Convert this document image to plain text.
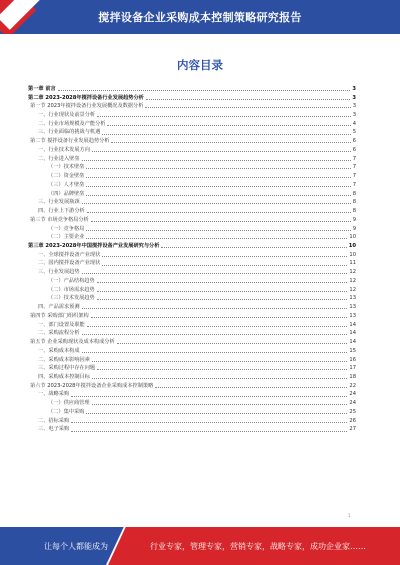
搅拌设备企业采购成本控制策略研究报告
内容目录
第一章 前言	3
第二章 2023-2028年搅拌设备行业发展趋势分析	3
第一节 2023年搅拌设备行业发展概况及数据分析	3
一、行业现状及前景分析	3
二、行业市场规模及产能分析	4
三、行业面临的挑战与机遇	5
第二节 搅拌设备行业发展趋势分析	6
一、行业技术发展方向	6
二、行业进入壁垒	7
（一）技术壁垒	7
（二）资金壁垒	7
（三）人才壁垒	7
（四）品牌壁垒	8
三、行业发展瓶颈	8
四、行业上下游分析	8
第三节 市场竞争格局分析	9
（一）竞争格局	9
（二）主要企业	10
第三章 2023-2028年中国搅拌设备产业发展研究与分析	10
一、全球搅拌设备产业现状	10
二、国内搅拌设备产业现状	11
三、行业发展趋势	12
（一）产品结构趋势	12
（二）市场需求趋势	12
（三）技术发展趋势	13
四、产品需求预测	13
第四节 采购部门组织架构	13
一、部门设置及职能	14
二、采购流程分析	14
第五节 企业采购现状及成本构成分析	14
一、采购成本构成	15
二、采购成本影响因素	16
三、采购过程中存在问题	17
四、采购成本控制目标	18
第六节 2023-2028年搅拌设备企业采购成本控制策略	22
一、战略采购	24
（一）供应商管理	24
（二）集中采购	25
二、招标采购	26
三、电子采购	27
1
让每个人都能成为	行业专家，管理专家，营销专家，战略专家，成功企业家……
